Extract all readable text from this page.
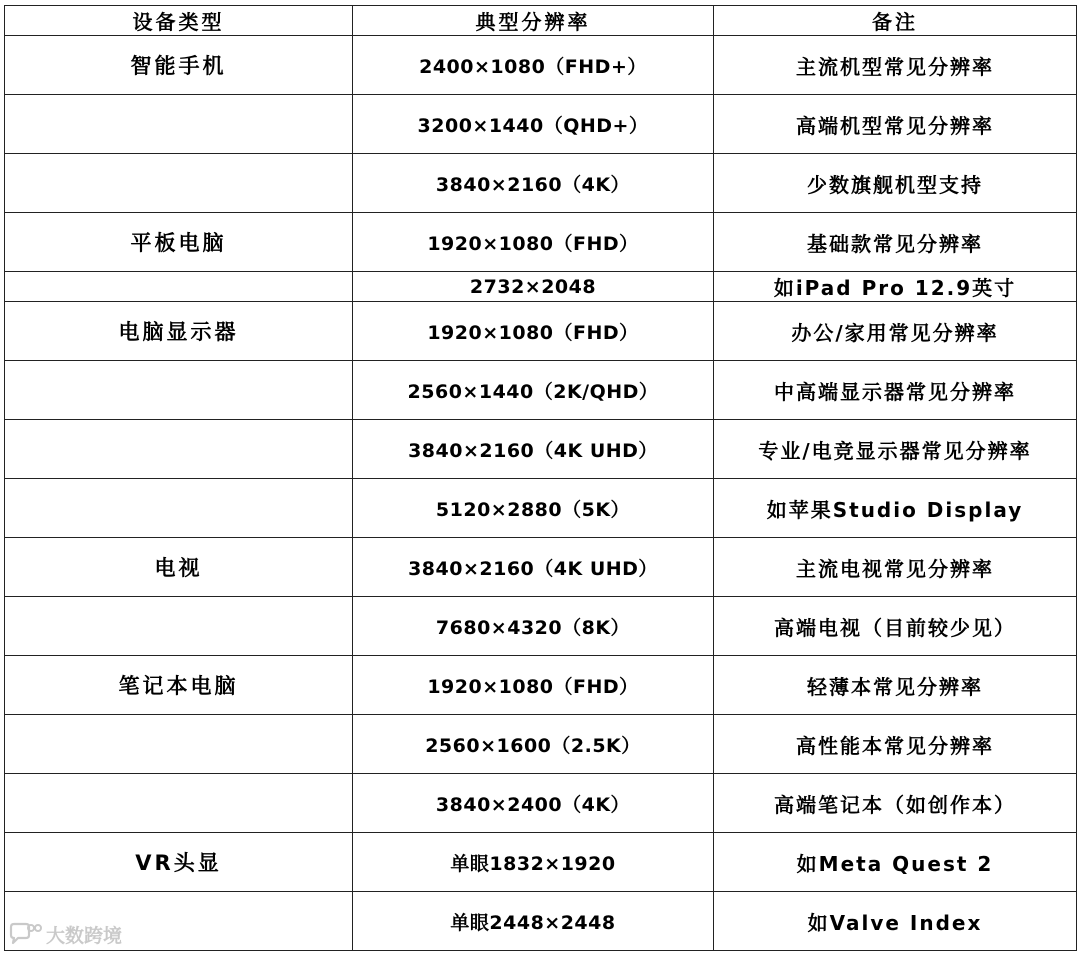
设备类型	典型分辨率	备注
智能手机	2400×1080（FHD+）	主流机型常见分辨率
	3200×1440（QHD+）	高端机型常见分辨率
	3840×2160（4K）	少数旗舰机型支持
平板电脑	1920×1080（FHD）	基础款常见分辨率
	2732×2048	如iPad Pro 12.9英寸
电脑显示器	1920×1080（FHD）	办公/家用常见分辨率
	2560×1440（2K/QHD）	中高端显示器常见分辨率
	3840×2160（4K UHD）	专业/电竞显示器常见分辨率
	5120×2880（5K）	如苹果Studio Display
电视	3840×2160（4K UHD）	主流电视常见分辨率
	7680×4320（8K）	高端电视（目前较少见）
笔记本电脑	1920×1080（FHD）	轻薄本常见分辨率
	2560×1600（2.5K）	高性能本常见分辨率
	3840×2400（4K）	高端笔记本（如创作本）
VR头显	单眼1832×1920	如Meta Quest 2
	单眼2448×2448	如Valve Index
大数跨境
